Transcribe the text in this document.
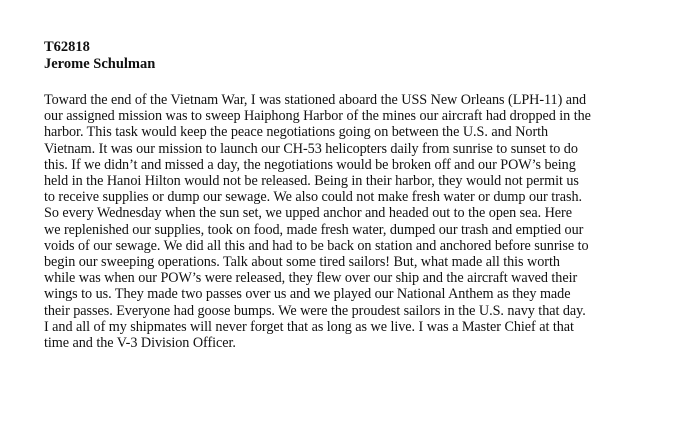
T62818
Jerome Schulman
Toward the end of the Vietnam War, I was stationed aboard the USS New Orleans (LPH-11) and
our assigned mission was to sweep Haiphong Harbor of the mines our aircraft had dropped in the
harbor. This task would keep the peace negotiations going on between the U.S. and North
Vietnam. It was our mission to launch our CH-53 helicopters daily from sunrise to sunset to do
this. If we didn’t and missed a day, the negotiations would be broken off and our POW’s being
held in the Hanoi Hilton would not be released. Being in their harbor, they would not permit us
to receive supplies or dump our sewage. We also could not make fresh water or dump our trash.
So every Wednesday when the sun set, we upped anchor and headed out to the open sea. Here
we replenished our supplies, took on food, made fresh water, dumped our trash and emptied our
voids of our sewage. We did all this and had to be back on station and anchored before sunrise to
begin our sweeping operations. Talk about some tired sailors! But, what made all this worth
while was when our POW’s were released, they flew over our ship and the aircraft waved their
wings to us. They made two passes over us and we played our National Anthem as they made
their passes. Everyone had goose bumps. We were the proudest sailors in the U.S. navy that day.
I and all of my shipmates will never forget that as long as we live. I was a Master Chief at that
time and the V-3 Division Officer.
